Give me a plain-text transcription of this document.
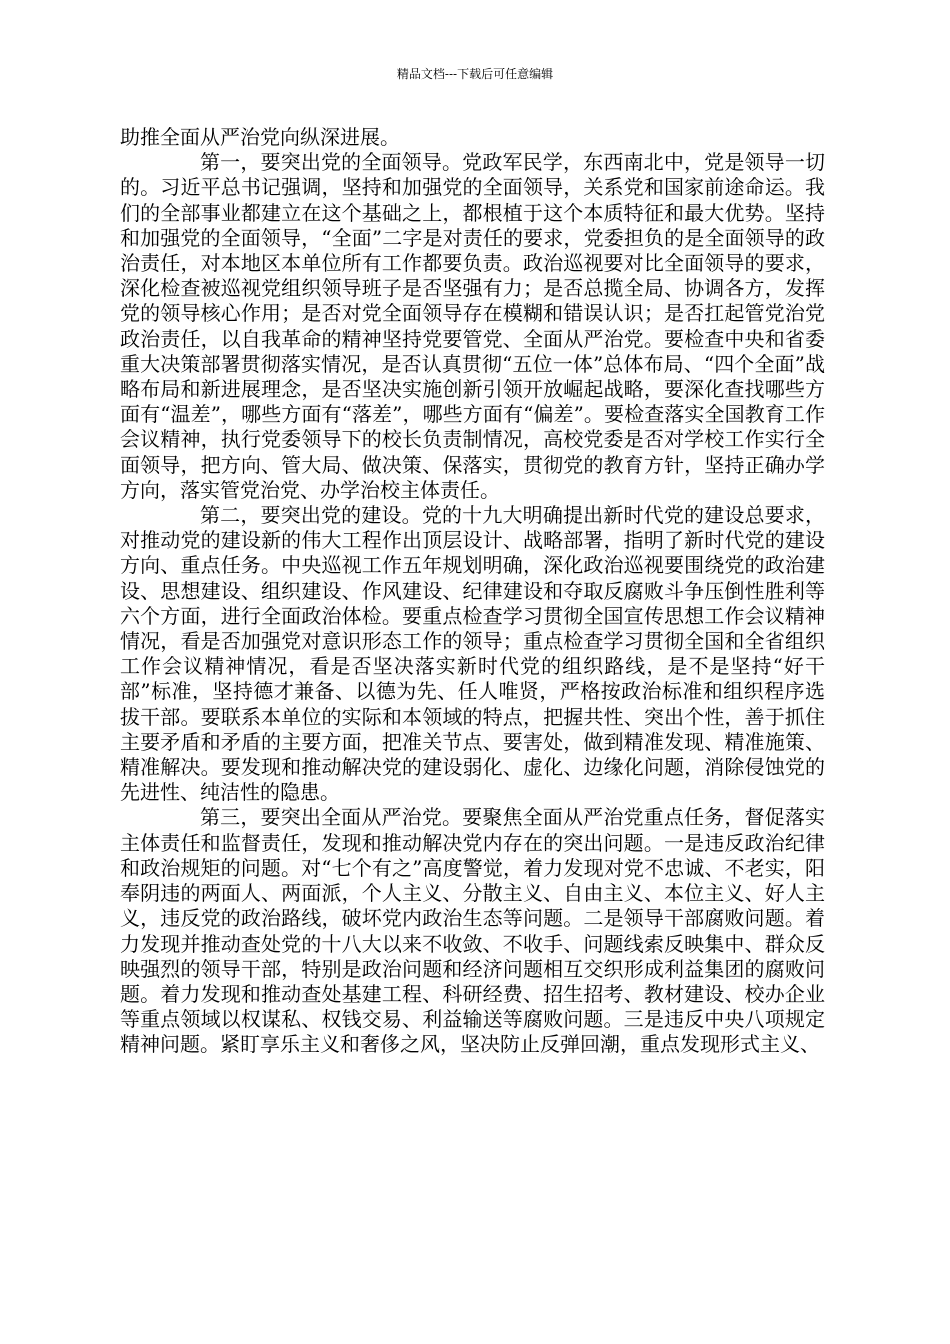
精品文档---下载后可任意编辑

助推全面从严治党向纵深进展。

第一，要突出党的全面领导。党政军民学，东西南北中，党是领导一切的。习近平总书记强调，坚持和加强党的全面领导，关系党和国家前途命运。我们的全部事业都建立在这个基础之上，都根植于这个本质特征和最大优势。坚持和加强党的全面领导，“全面”二字是对责任的要求，党委担负的是全面领导的政治责任，对本地区本单位所有工作都要负责。政治巡视要对比全面领导的要求，深化检查被巡视党组织领导班子是否坚强有力；是否总揽全局、协调各方，发挥党的领导核心作用；是否对党全面领导存在模糊和错误认识；是否扛起管党治党政治责任，以自我革命的精神坚持党要管党、全面从严治党。要检查中央和省委重大决策部署贯彻落实情况，是否认真贯彻“五位一体”总体布局、“四个全面”战略布局和新进展理念，是否坚决实施创新引领开放崛起战略，要深化查找哪些方面有“温差”，哪些方面有“落差”，哪些方面有“偏差”。要检查落实全国教育工作会议精神，执行党委领导下的校长负责制情况，高校党委是否对学校工作实行全面领导，把方向、管大局、做决策、保落实，贯彻党的教育方针，坚持正确办学方向，落实管党治党、办学治校主体责任。

第二，要突出党的建设。党的十九大明确提出新时代党的建设总要求，对推动党的建设新的伟大工程作出顶层设计、战略部署，指明了新时代党的建设方向、重点任务。中央巡视工作五年规划明确，深化政治巡视要围绕党的政治建设、思想建设、组织建设、作风建设、纪律建设和夺取反腐败斗争压倒性胜利等六个方面，进行全面政治体检。要重点检查学习贯彻全国宣传思想工作会议精神情况，看是否加强党对意识形态工作的领导；重点检查学习贯彻全国和全省组织工作会议精神情况，看是否坚决落实新时代党的组织路线，是不是坚持“好干部”标准，坚持德才兼备、以德为先、任人唯贤，严格按政治标准和组织程序选拔干部。要联系本单位的实际和本领域的特点，把握共性、突出个性，善于抓住主要矛盾和矛盾的主要方面，把准关节点、要害处，做到精准发现、精准施策、精准解决。要发现和推动解决党的建设弱化、虚化、边缘化问题，消除侵蚀党的先进性、纯洁性的隐患。

第三，要突出全面从严治党。要聚焦全面从严治党重点任务，督促落实主体责任和监督责任，发现和推动解决党内存在的突出问题。一是违反政治纪律和政治规矩的问题。对“七个有之”高度警觉，着力发现对党不忠诚、不老实，阳奉阴违的两面人、两面派，个人主义、分散主义、自由主义、本位主义、好人主义，违反党的政治路线，破坏党内政治生态等问题。二是领导干部腐败问题。着力发现并推动查处党的十八大以来不收敛、不收手、问题线索反映集中、群众反映强烈的领导干部，特别是政治问题和经济问题相互交织形成利益集团的腐败问题。着力发现和推动查处基建工程、科研经费、招生招考、教材建设、校办企业等重点领域以权谋私、权钱交易、利益输送等腐败问题。三是违反中央八项规定精神问题。紧盯享乐主义和奢侈之风，坚决防止反弹回潮，重点发现形式主义、
